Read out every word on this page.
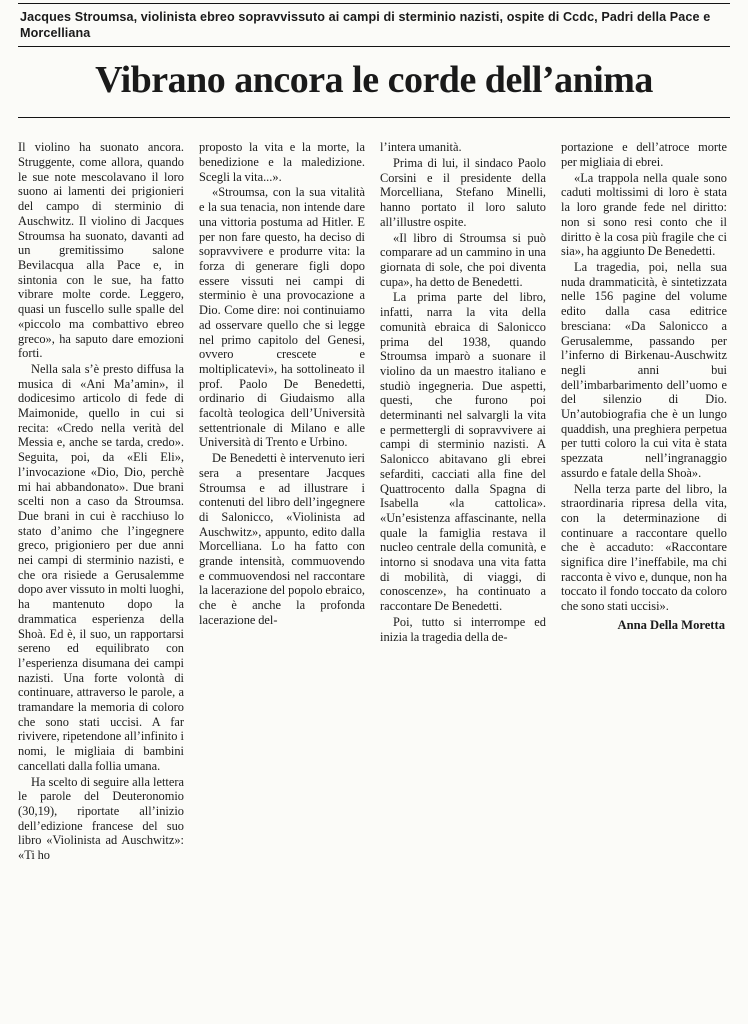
Jacques Stroumsa, violinista ebreo sopravvissuto ai campi di sterminio nazisti, ospite di Ccdc, Padri della Pace e Morcelliana
Vibrano ancora le corde dell’anima

Il violino ha suonato ancora. Struggente, come allora, quando le sue note mescolavano il loro suono ai lamenti dei prigionieri del campo di sterminio di Auschwitz. Il violino di Jacques Stroumsa ha suonato, davanti ad un gremitissimo salone Bevilacqua alla Pace e, in sintonia con le sue, ha fatto vibrare molte corde. Leggero, quasi un fuscello sulle spalle del «piccolo ma combattivo ebreo greco», ha saputo dare emozioni forti.

Nella sala s’è presto diffusa la musica di «Ani Ma’amin», il dodicesimo articolo di fede di Maimonide, quello in cui si recita: «Credo nella verità del Messia e, anche se tarda, credo». Seguita, poi, da «Eli Eli», l’invocazione «Dio, Dio, perchè mi hai abbandonato». Due brani scelti non a caso da Stroumsa. Due brani in cui è racchiuso lo stato d’animo che l’ingegnere greco, prigioniero per due anni nei campi di sterminio nazisti, e che ora risiede a Gerusalemme dopo aver vissuto in molti luoghi, ha mantenuto dopo la drammatica esperienza della Shoà. Ed è, il suo, un rapportarsi sereno ed equilibrato con l’esperienza disumana dei campi nazisti. Una forte volontà di continuare, attraverso le parole, a tramandare la memoria di coloro che sono stati uccisi. A far rivivere, ripetendone all’infinito i nomi, le migliaia di bambini cancellati dalla follia umana.

Ha scelto di seguire alla lettera le parole del Deuteronomio (30,19), riportate all’inizio dell’edizione francese del suo libro «Violinista ad Auschwitz»: «Ti ho

proposto la vita e la morte, la benedizione e la maledizione. Scegli la vita...».

«Stroumsa, con la sua vitalità e la sua tenacia, non intende dare una vittoria postuma ad Hitler. E per non fare questo, ha deciso di sopravvivere e produrre vita: la forza di generare figli dopo essere vissuti nei campi di sterminio è una provocazione a Dio. Come dire: noi continuiamo ad osservare quello che si legge nel primo capitolo del Genesi, ovvero crescete e moltiplicatevi», ha sottolineato il prof. Paolo De Benedetti, ordinario di Giudaismo alla facoltà teologica dell’Università settentrionale di Milano e alle Università di Trento e Urbino.

De Benedetti è intervenuto ieri sera a presentare Jacques Stroumsa e ad illustrare i contenuti del libro dell’ingegnere di Salonicco, «Violinista ad Auschwitz», appunto, edito dalla Morcelliana. Lo ha fatto con grande intensità, commuovendo e commuovendosi nel raccontare la lacerazione del popolo ebraico, che è anche la profonda lacerazione del-

l’intera umanità.

Prima di lui, il sindaco Paolo Corsini e il presidente della Morcelliana, Stefano Minelli, hanno portato il loro saluto all’illustre ospite.

«Il libro di Stroumsa si può comparare ad un cammino in una giornata di sole, che poi diventa cupa», ha detto de Benedetti.

La prima parte del libro, infatti, narra la vita della comunità ebraica di Salonicco prima del 1938, quando Stroumsa imparò a suonare il violino da un maestro italiano e studiò ingegneria. Due aspetti, questi, che furono poi determinanti nel salvargli la vita e permettergli di sopravvivere ai campi di sterminio nazisti. A Salonicco abitavano gli ebrei sefarditi, cacciati alla fine del Quattrocento dalla Spagna di Isabella «la cattolica». «Un’esistenza affascinante, nella quale la famiglia restava il nucleo centrale della comunità, e intorno si snodava una vita fatta di mobilità, di viaggi, di conoscenze», ha continuato a raccontare De Benedetti.

Poi, tutto si interrompe ed inizia la tragedia della de-

portazione e dell’atroce morte per migliaia di ebrei.

«La trappola nella quale sono caduti moltissimi di loro è stata la loro grande fede nel diritto: non si sono resi conto che il diritto è la cosa più fragile che ci sia», ha aggiunto De Benedetti.

La tragedia, poi, nella sua nuda drammaticità, è sintetizzata nelle 156 pagine del volume edito dalla casa editrice bresciana: «Da Salonicco a Gerusalemme, passando per l’inferno di Birkenau-Auschwitz negli anni bui dell’imbarbarimento dell’uomo e del silenzio di Dio. Un’autobiografia che è un lungo quaddish, una preghiera perpetua per tutti coloro la cui vita è stata spezzata nell’ingranaggio assurdo e fatale della Shoà».

Nella terza parte del libro, la straordinaria ripresa della vita, con la determinazione di continuare a raccontare quello che è accaduto: «Raccontare significa dire l’ineffabile, ma chi racconta è vivo e, dunque, non ha toccato il fondo toccato da coloro che sono stati uccisi».

Anna Della Moretta
